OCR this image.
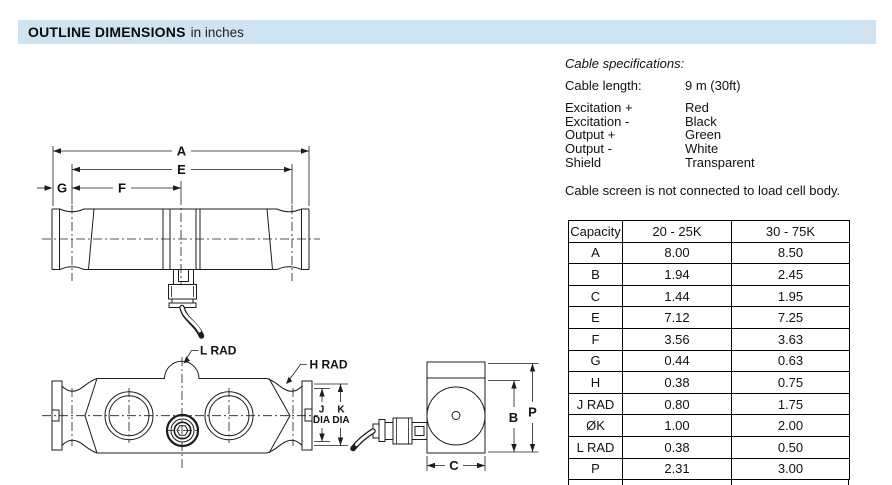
OUTLINE DIMENSIONS in inches
Cable specifications:
Cable length:	9 m (30ft)
Excitation +	Red
Excitation -	Black
Output +	Green
Output -	White
Shield	Transparent
Cable screen is not connected to load cell body.
Capacity	20 - 25K	30 - 75K
A	8.00	8.50
B	1.94	2.45
C	1.44	1.95
E	7.12	7.25
F	3.56	3.63
G	0.44	0.63
H	0.38	0.75
J RAD	0.80	1.75
ØK	1.00	2.00
L RAD	0.38	0.50
P	2.31	3.00
A
E
F
G
L RAD
H RAD
J
DIA
K
DIA	B P
C
